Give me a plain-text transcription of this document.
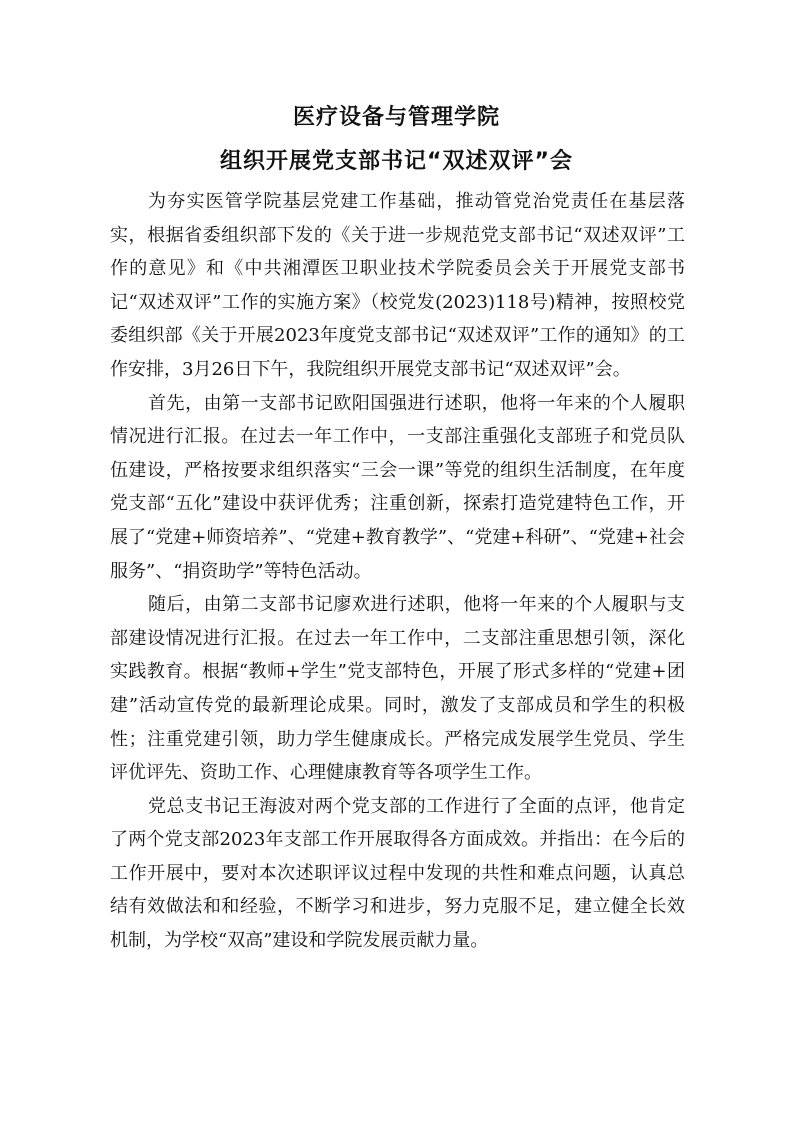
医疗设备与管理学院
组织开展党支部书记“双述双评”会

为夯实医管学院基层党建工作基础，推动管党治党责任在基层落实，根据省委组织部下发的《关于进一步规范党支部书记“双述双评”工作的意见》和《中共湘潭医卫职业技术学院委员会关于开展党支部书记“双述双评”工作的实施方案》（校党发(2023)118号)精神，按照校党委组织部《关于开展2023年度党支部书记“双述双评”工作的通知》的工作安排，3月26日下午，我院组织开展党支部书记“双述双评”会。

首先，由第一支部书记欧阳国强进行述职，他将一年来的个人履职情况进行汇报。在过去一年工作中，一支部注重强化支部班子和党员队伍建设，严格按要求组织落实“三会一课”等党的组织生活制度，在年度党支部“五化”建设中获评优秀；注重创新，探索打造党建特色工作，开展了“党建+师资培养”、“党建+教育教学”、“党建+科研”、“党建+社会服务”、“捐资助学”等特色活动。

随后，由第二支部书记廖欢进行述职，他将一年来的个人履职与支部建设情况进行汇报。在过去一年工作中，二支部注重思想引领，深化实践教育。根据“教师+学生”党支部特色，开展了形式多样的“党建+团建”活动宣传党的最新理论成果。同时，激发了支部成员和学生的积极性；注重党建引领，助力学生健康成长。严格完成发展学生党员、学生评优评先、资助工作、心理健康教育等各项学生工作。

党总支书记王海波对两个党支部的工作进行了全面的点评，他肯定了两个党支部2023年支部工作开展取得各方面成效。并指出：在今后的工作开展中，要对本次述职评议过程中发现的共性和难点问题，认真总结有效做法和和经验，不断学习和进步，努力克服不足，建立健全长效机制，为学校“双高”建设和学院发展贡献力量。
